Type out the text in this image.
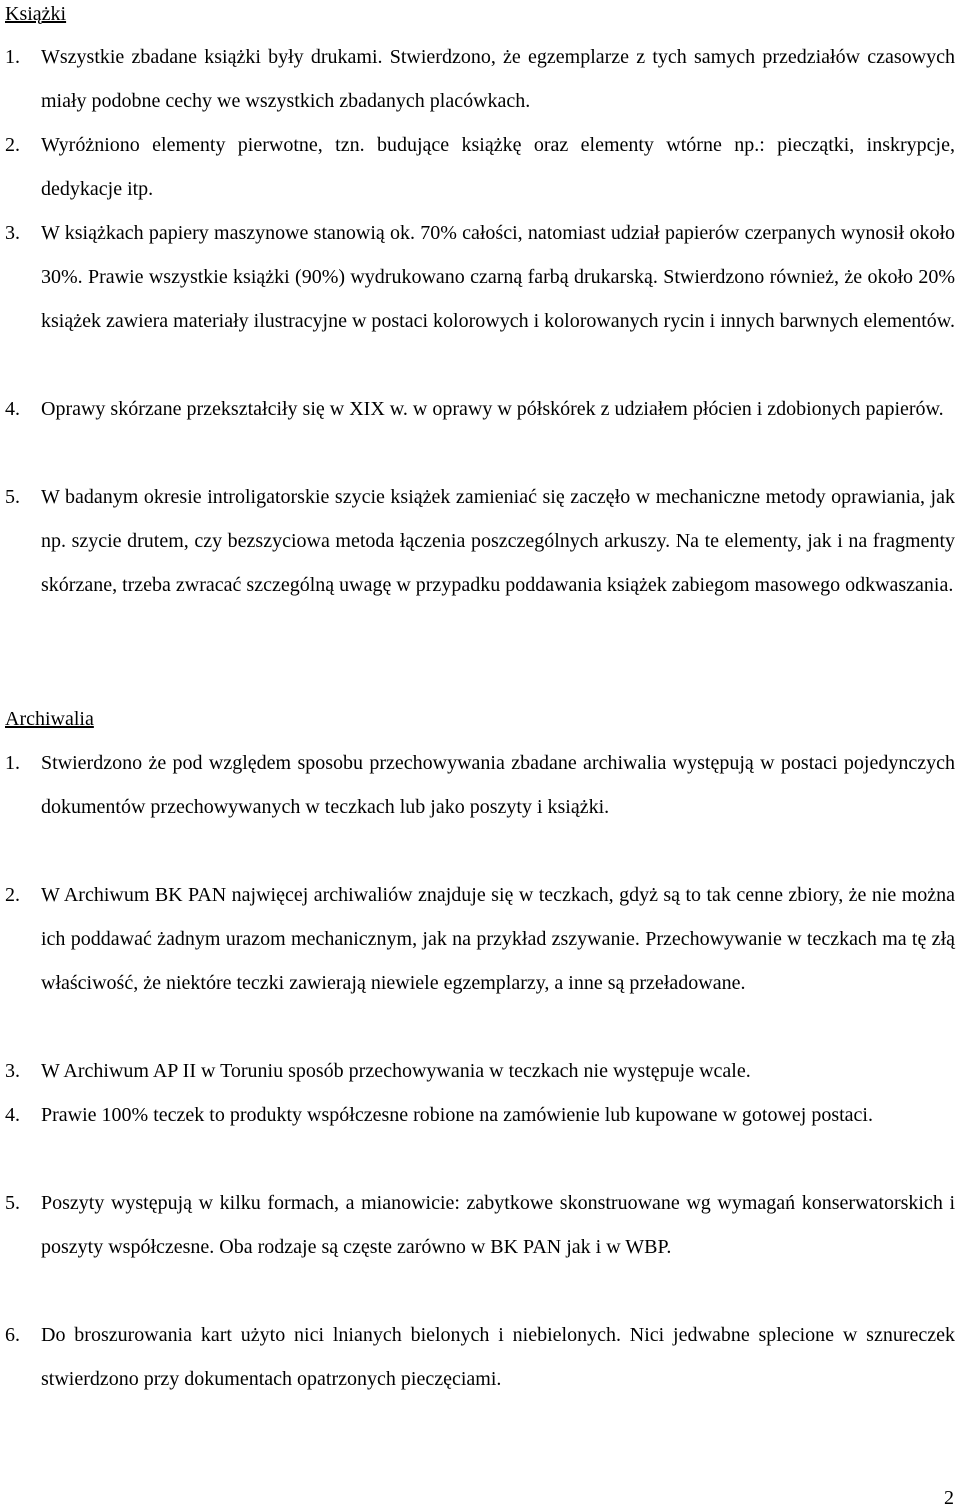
Książki
1. Wszystkie zbadane książki były drukami. Stwierdzono, że egzemplarze z tych samych przedziałów czasowych miały podobne cechy we wszystkich zbadanych placówkach.
2. Wyróżniono elementy pierwotne, tzn. budujące książkę oraz elementy wtórne np.: pieczątki, inskrypcje, dedykacje itp.
3. W książkach papiery maszynowe stanowią ok. 70% całości, natomiast udział papierów czerpanych wynosił około 30%. Prawie wszystkie książki (90%) wydrukowano czarną farbą drukarską. Stwierdzono również, że około 20% książek zawiera materiały ilustracyjne w postaci kolorowych i kolorowanych rycin i innych barwnych elementów.
4. Oprawy skórzane przekształciły się w XIX w. w oprawy w półskórek z udziałem płócien i zdobionych papierów.
5. W badanym okresie introligatorskie szycie książek zamieniać się zaczęło w mechaniczne metody oprawiania, jak np. szycie drutem, czy bezszyciowa metoda łączenia poszczególnych arkuszy. Na te elementy, jak i na fragmenty skórzane, trzeba zwracać szczególną uwagę w przypadku poddawania książek zabiegom masowego odkwaszania.
Archiwalia
1. Stwierdzono że pod względem sposobu przechowywania zbadane archiwalia występują w postaci pojedynczych dokumentów przechowywanych w teczkach lub jako poszyty i książki.
2. W Archiwum BK PAN najwięcej archiwaliów znajduje się w teczkach, gdyż są to tak cenne zbiory, że nie można ich poddawać żadnym urazom mechanicznym, jak na przykład zszywanie. Przechowywanie w teczkach ma tę złą właściwość, że niektóre teczki zawierają niewiele egzemplarzy, a inne są przeładowane.
3. W Archiwum AP II w Toruniu sposób przechowywania w teczkach nie występuje wcale.
4. Prawie 100% teczek to produkty współczesne robione na zamówienie lub kupowane w gotowej postaci.
5. Poszyty występują w kilku formach, a mianowicie: zabytkowe skonstruowane wg wymagań konserwatorskich i poszyty współczesne. Oba rodzaje są częste zarówno w BK PAN jak i w WBP.
6. Do broszurowania kart użyto nici lnianych bielonych i niebielonych. Nici jedwabne splecione w sznureczek stwierdzono przy dokumentach opatrzonych pieczęciami.
2
